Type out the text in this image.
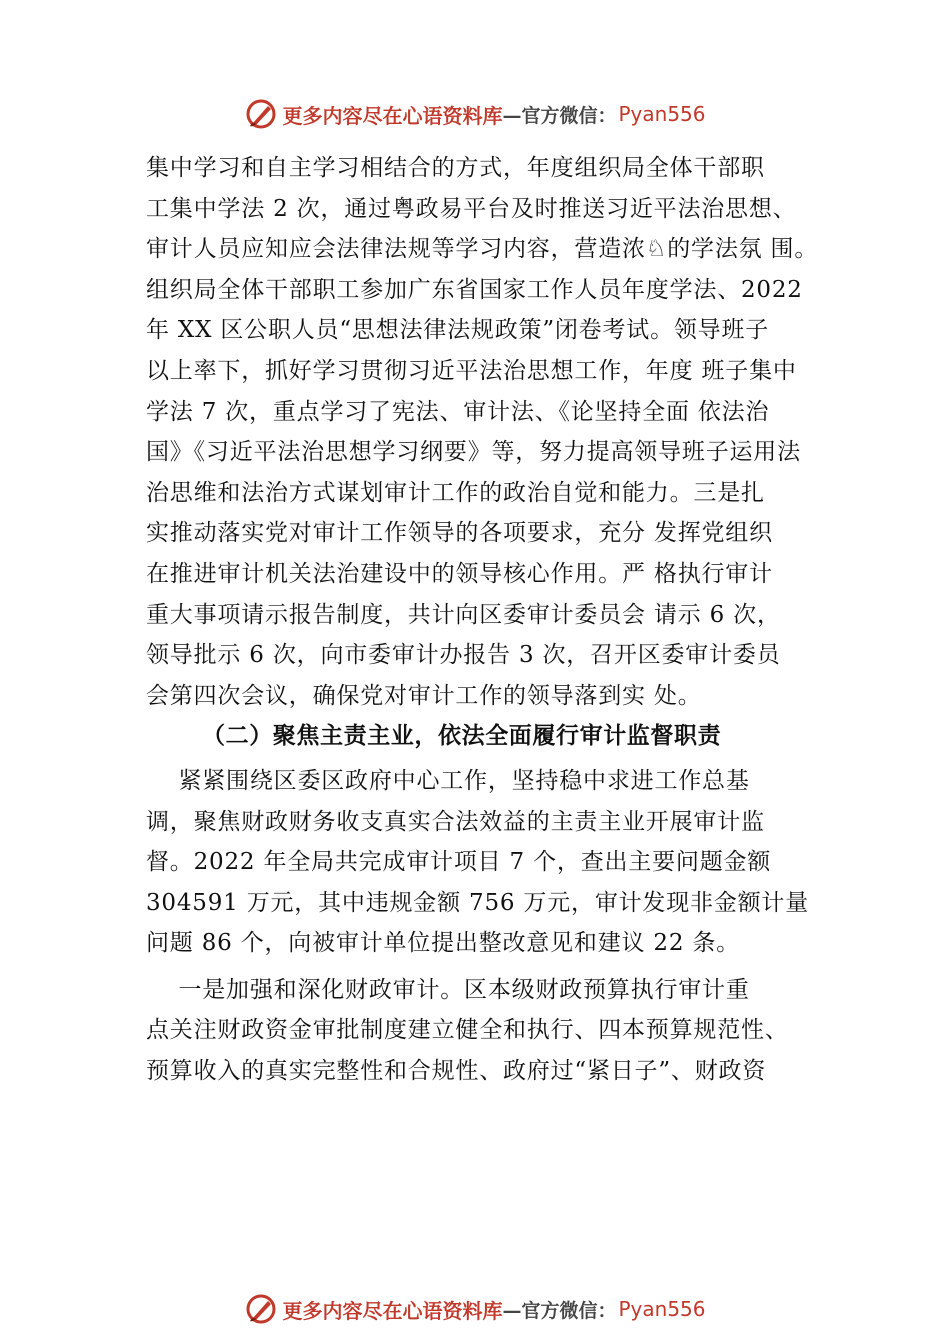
更多内容尽在心语资料库 —官方微信： Pyan556
集中学习和自主学习相结合的方式，年度组织局全体干部职
工集中学法 2 次，通过粤政易平台及时推送习近平法治思想、
审计人员应知应会法律法规等学习内容，营造浓♘的学法氛 围。
组织局全体干部职工参加广东省国家工作人员年度学法、2022
年 XX 区公职人员“思想法律法规政策”闭卷考试。领导班子
以上率下，抓好学习贯彻习近平法治思想工作，年度 班子集中
学法 7 次，重点学习了宪法、审计法、《论坚持全面 依法治
国》《习近平法治思想学习纲要》等，努力提高领导班子运用法
治思维和法治方式谋划审计工作的政治自觉和能力。三是扎
实推动落实党对审计工作领导的各项要求，充分 发挥党组织
在推进审计机关法治建设中的领导核心作用。严 格执行审计
重大事项请示报告制度，共计向区委审计委员会 请示 6 次，
领导批示 6 次，向市委审计办报告 3 次，召开区委审计委员
会第四次会议，确保党对审计工作的领导落到实 处。
（二）聚焦主责主业，依法全面履行审计监督职责
紧紧围绕区委区政府中心工作，坚持稳中求进工作总基
调，聚焦财政财务收支真实合法效益的主责主业开展审计监
督。2022 年全局共完成审计项目 7 个，查出主要问题金额
304591 万元，其中违规金额 756 万元，审计发现非金额计量
问题 86 个，向被审计单位提出整改意见和建议 22 条。
一是加强和深化财政审计。区本级财政预算执行审计重
点关注财政资金审批制度建立健全和执行、四本预算规范性、
预算收入的真实完整性和合规性、政府过“紧日子”、财政资
更多内容尽在心语资料库 —官方微信： Pyan556
